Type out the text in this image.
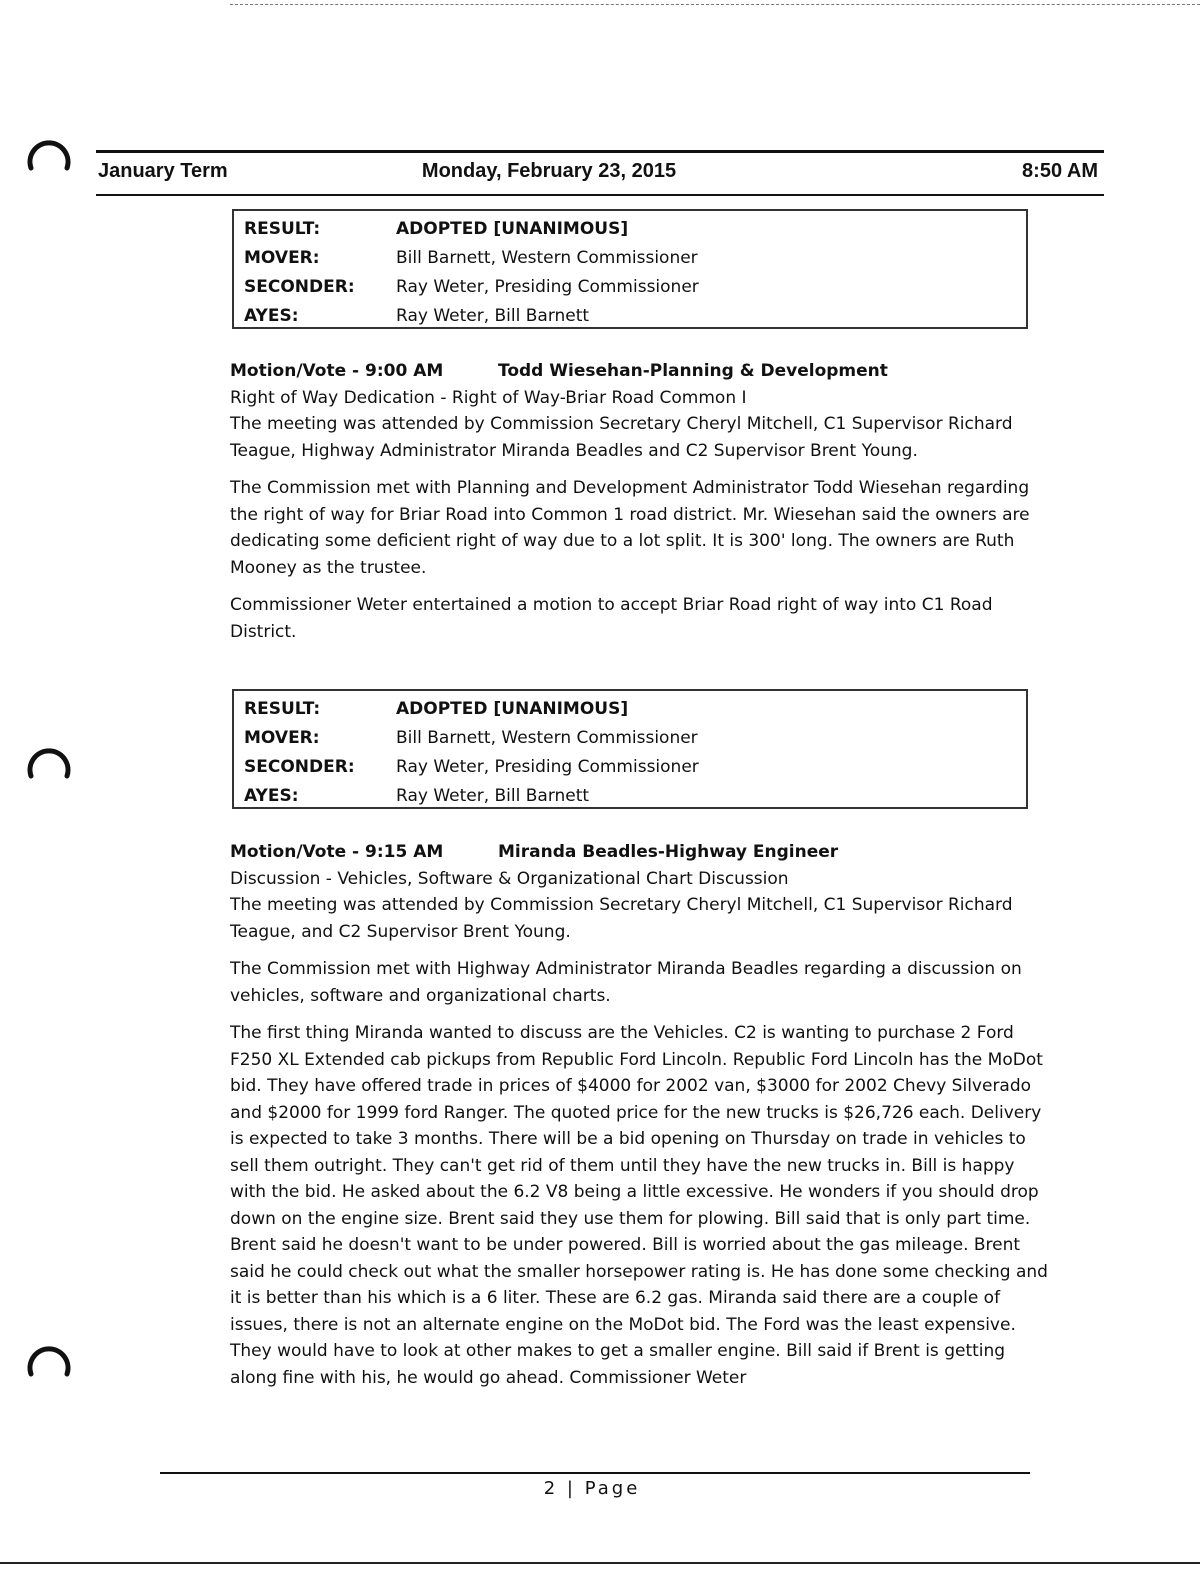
January Term	Monday, February 23, 2015	8:50 AM
RESULT:	ADOPTED [UNANIMOUS]
MOVER:	Bill Barnett, Western Commissioner
SECONDER: Ray Weter, Presiding Commissioner
AYES:	Ray Weter, Bill Barnett
Motion/Vote - 9:00 AM	Todd Wiesehan-Planning & Development

Right of Way Dedication - Right of Way-Briar Road Common I

The meeting was attended by Commission Secretary Cheryl Mitchell, C1 Supervisor Richard Teague, Highway Administrator Miranda Beadles and C2 Supervisor Brent Young.

The Commission met with Planning and Development Administrator Todd Wiesehan regarding the right of way for Briar Road into Common 1 road district. Mr. Wiesehan said the owners are dedicating some deficient right of way due to a lot split. It is 300' long. The owners are Ruth Mooney as the trustee.

Commissioner Weter entertained a motion to accept Briar Road right of way into C1 Road District.

RESULT:	ADOPTED [UNANIMOUS]
MOVER:	Bill Barnett, Western Commissioner
SECONDER: Ray Weter, Presiding Commissioner
AYES:	Ray Weter, Bill Barnett
Motion/Vote - 9:15 AM	Miranda Beadles-Highway Engineer

Discussion - Vehicles, Software & Organizational Chart Discussion

The meeting was attended by Commission Secretary Cheryl Mitchell, C1 Supervisor Richard Teague, and C2 Supervisor Brent Young.

The Commission met with Highway Administrator Miranda Beadles regarding a discussion on vehicles, software and organizational charts.

The first thing Miranda wanted to discuss are the Vehicles. C2 is wanting to purchase 2 Ford F250 XL Extended cab pickups from Republic Ford Lincoln. Republic Ford Lincoln has the MoDot bid. They have offered trade in prices of $4000 for 2002 van, $3000 for 2002 Chevy Silverado and $2000 for 1999 ford Ranger. The quoted price for the new trucks is $26,726 each. Delivery is expected to take 3 months. There will be a bid opening on Thursday on trade in vehicles to sell them outright. They can't get rid of them until they have the new trucks in. Bill is happy with the bid. He asked about the 6.2 V8 being a little excessive. He wonders if you should drop down on the engine size. Brent said they use them for plowing. Bill said that is only part time. Brent said he doesn't want to be under powered. Bill is worried about the gas mileage. Brent said he could check out what the smaller horsepower rating is. He has done some checking and it is better than his which is a 6 liter. These are 6.2 gas. Miranda said there are a couple of issues, there is not an alternate engine on the MoDot bid. The Ford was the least expensive. They would have to look at other makes to get a smaller engine. Bill said if Brent is getting along fine with his, he would go ahead. Commissioner Weter

2 | Page
